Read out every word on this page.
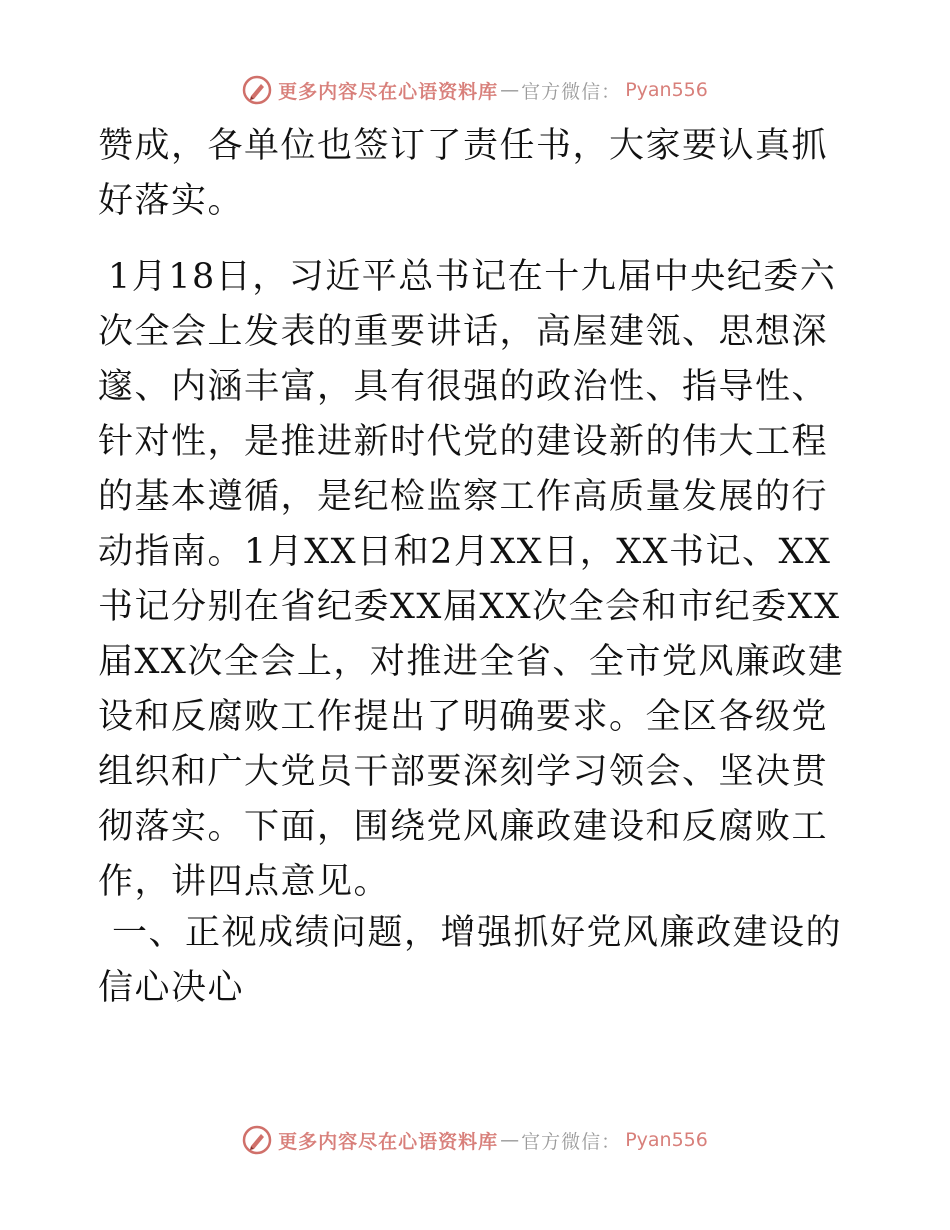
更多内容尽在心语资料库 — 官方微信： Pyan556

赞成，各单位也签订了责任书，大家要认真抓好落实。

1月18日，习近平总书记在十九届中央纪委六次全会上发表的重要讲话，高屋建瓴、思想深邃、内涵丰富，具有很强的政治性、指导性、针对性，是推进新时代党的建设新的伟大工程的基本遵循，是纪检监察工作高质量发展的行动指南。1月XX日和2月XX日，XX书记、XX书记分别在省纪委XX届XX次全会和市纪委XX届XX次全会上，对推进全省、全市党风廉政建设和反腐败工作提出了明确要求。全区各级党组织和广大党员干部要深刻学习领会、坚决贯彻落实。下面，围绕党风廉政建设和反腐败工作，讲四点意见。

一、正视成绩问题，增强抓好党风廉政建设的信心决心

更多内容尽在心语资料库 — 官方微信： Pyan556
